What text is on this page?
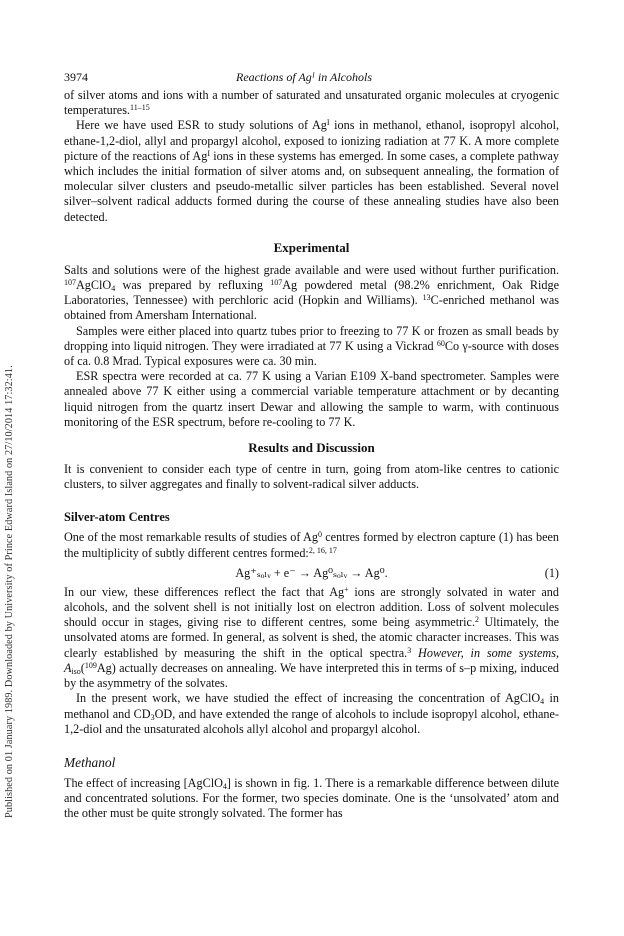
Published on 01 January 1989. Downloaded by University of Prince Edward Island on 27/10/2014 17:32:41.
3974	Reactions of Agᴵ in Alcohols

of silver atoms and ions with a number of saturated and unsaturated organic molecules at cryogenic temperatures.$^{11-15}$

Here we have used ESR to study solutions of $Ag^I$ ions in methanol, ethanol, isopropyl alcohol, ethane-1,2-diol, allyl and propargyl alcohol, exposed to ionizing radiation at 77 K. A more complete picture of the reactions of $Ag^I$ ions in these systems has emerged. In some cases, a complete pathway which includes the initial formation of silver atoms and, on subsequent annealing, the formation of molecular silver clusters and pseudo-metallic silver particles has been established. Several novel silver–solvent radical adducts formed during the course of these annealing studies have also been detected.

Experimental

Salts and solutions were of the highest grade available and were used without further purification. $^{107}$AgClO$_4$ was prepared by refluxing $^{107}$Ag powdered metal (98.2% enrichment, Oak Ridge Laboratories, Tennessee) with perchloric acid (Hopkin and Williams). $^{13}$C-enriched methanol was obtained from Amersham International.

Samples were either placed into quartz tubes prior to freezing to 77 K or frozen as small beads by dropping into liquid nitrogen. They were irradiated at 77 K using a Vickrad $^{60}$Co γ-source with doses of ca. 0.8 Mrad. Typical exposures were ca. 30 min.

ESR spectra were recorded at ca. 77 K using a Varian E109 X-band spectrometer. Samples were annealed above 77 K either using a commercial variable temperature attachment or by decanting liquid nitrogen from the quartz insert Dewar and allowing the sample to warm, with continuous monitoring of the ESR spectrum, before re-cooling to 77 K.

Results and Discussion

It is convenient to consider each type of centre in turn, going from atom-like centres to cationic clusters, to silver aggregates and finally to solvent-radical silver adducts.

Silver-atom Centres

One of the most remarkable results of studies of Ag$^0$ centres formed by electron capture (1) has been the multiplicity of subtly different centres formed:$^{2, 16, 17}$

Ag⁺ₛₒₗᵥ + e⁻ → Ag⁰ₛₒₗᵥ → Ag⁰.	(1)

In our view, these differences reflect the fact that Ag+ ions are strongly solvated in water and alcohols, and the solvent shell is not initially lost on electron addition. Loss of solvent molecules should occur in stages, giving rise to different centres, some being asymmetric.$^2$ Ultimately, the unsolvated atoms are formed. In general, as solvent is shed, the atomic character increases. This was clearly established by measuring the shift in the optical spectra.$^3$ However, in some systems, $A_{iso}(^{109}Ag)$ actually decreases on annealing. We have interpreted this in terms of s–p mixing, induced by the asymmetry of the solvates.

In the present work, we have studied the effect of increasing the concentration of AgClO$_4$ in methanol and $CD_3OD$, and have extended the range of alcohols to include isopropyl alcohol, ethane-1,2-diol and the unsaturated alcohols allyl alcohol and propargyl alcohol.

Methanol

The effect of increasing [AgClO$_4$] is shown in fig. 1. There is a remarkable difference between dilute and concentrated solutions. For the former, two species dominate. One is the ‘unsolvated’ atom and the other must be quite strongly solvated. The former has
